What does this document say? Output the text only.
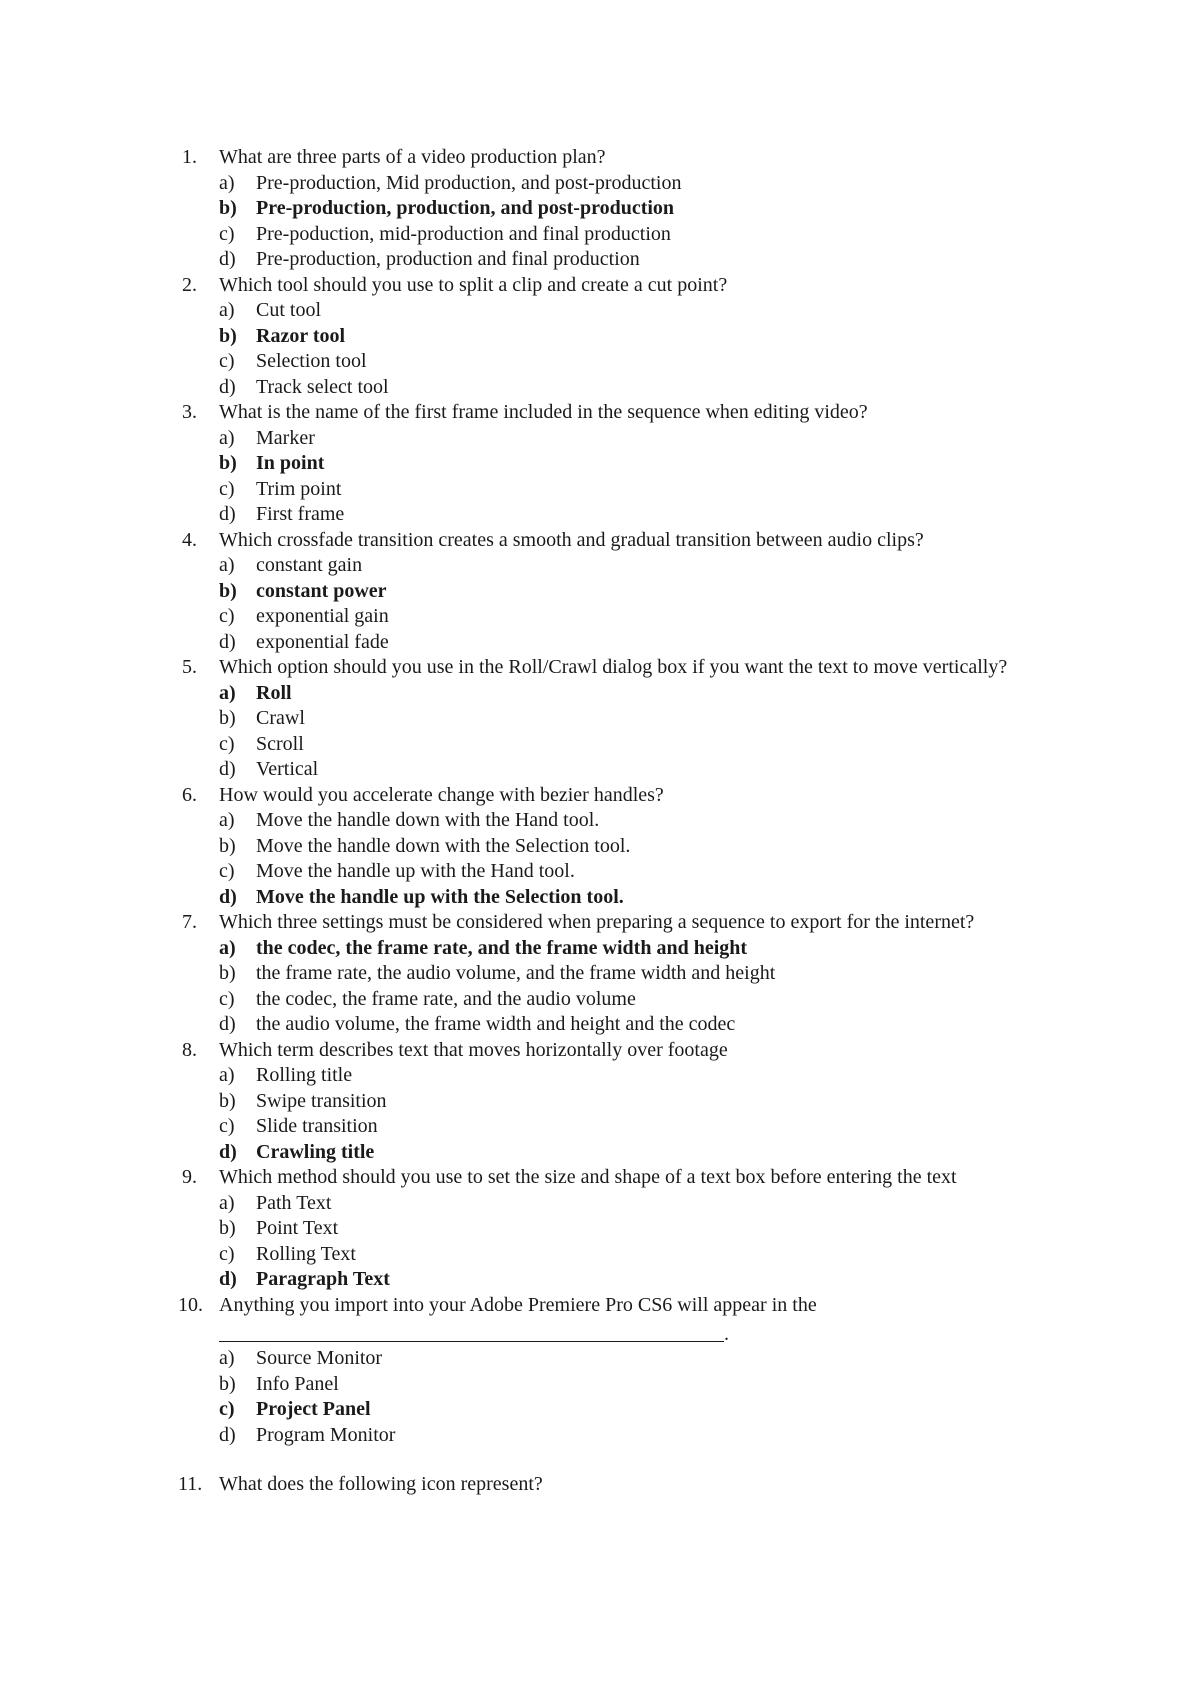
1. What are three parts of a video production plan?
a) Pre-production, Mid production, and post-production
b) Pre-production, production, and post-production
c) Pre-poduction, mid-production and final production
d) Pre-production, production and final production
2. Which tool should you use to split a clip and create a cut point?
a) Cut tool
b) Razor tool
c) Selection tool
d) Track select tool
3. What is the name of the first frame included in the sequence when editing video?
a) Marker
b) In point
c) Trim point
d) First frame
4. Which crossfade transition creates a smooth and gradual transition between audio clips?
a) constant gain
b) constant power
c) exponential gain
d) exponential fade
5. Which option should you use in the Roll/Crawl dialog box if you want the text to move vertically?
a) Roll
b) Crawl
c) Scroll
d) Vertical
6. How would you accelerate change with bezier handles?
a) Move the handle down with the Hand tool.
b) Move the handle down with the Selection tool.
c) Move the handle up with the Hand tool.
d) Move the handle up with the Selection tool.
7. Which three settings must be considered when preparing a sequence to export for the internet?
a) the codec, the frame rate, and the frame width and height
b) the frame rate, the audio volume, and the frame width and height
c) the codec, the frame rate, and the audio volume
d) the audio volume, the frame width and height and the codec
8. Which term describes text that moves horizontally over footage
a) Rolling title
b) Swipe transition
c) Slide transition
d) Crawling title
9. Which method should you use to set the size and shape of a text box before entering the text
a) Path Text
b) Point Text
c) Rolling Text
d) Paragraph Text
10. Anything you import into your Adobe Premiere Pro CS6 will appear in the
.
a) Source Monitor
b) Info Panel
c) Project Panel
d) Program Monitor
11. What does the following icon represent?
